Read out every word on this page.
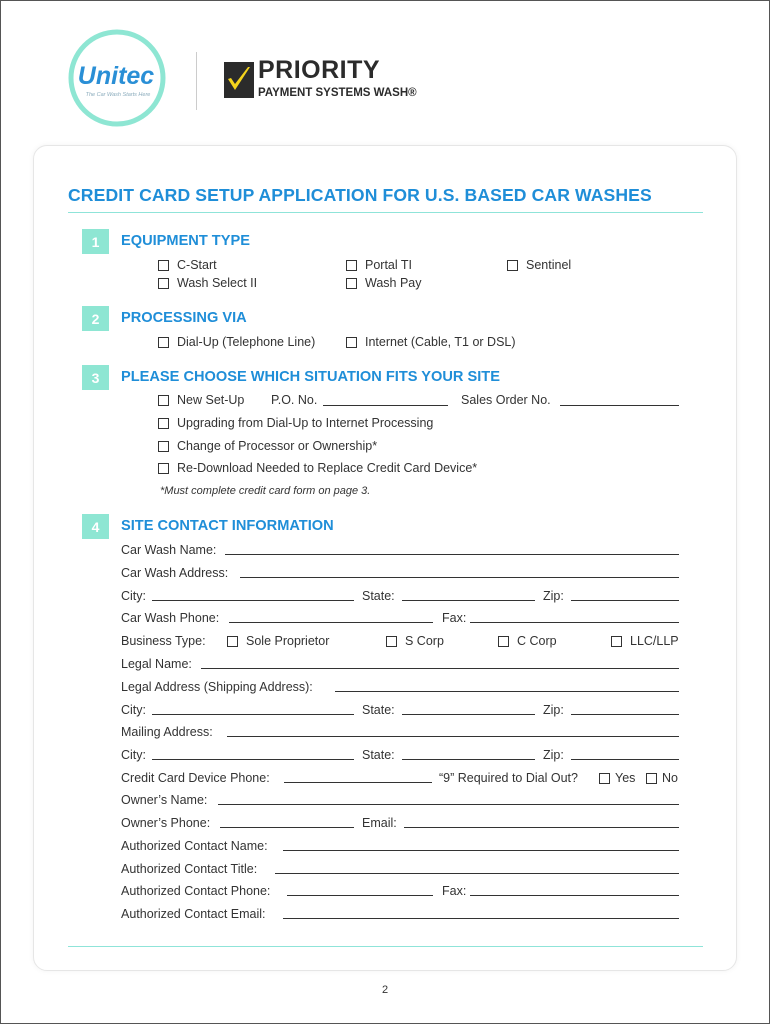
Unitec
The Car Wash Starts Here
PRIORITY
PAYMENT SYSTEMS WASH®
CREDIT CARD SETUP APPLICATION FOR U.S. BASED CAR WASHES
1	EQUIPMENT TYPE
C-Start	Portal TI	Sentinel
Wash Select II	Wash Pay
2	PROCESSING VIA
Dial-Up (Telephone Line)	Internet (Cable, T1 or DSL)
3	PLEASE CHOOSE WHICH SITUATION FITS YOUR SITE
New Set-Up P.O. No.	Sales Order No.
Upgrading from Dial-Up to Internet Processing
Change of Processor or Ownership*
Re-Download Needed to Replace Credit Card Device*
*Must complete credit card form on page 3.
4	SITE CONTACT INFORMATION
Car Wash Name:
Car Wash Address:
City:	State:	Zip:
Car Wash Phone:	Fax:
Business Type:	Sole Proprietor	S Corp	C Corp	LLC/LLP
Legal Name:
Legal Address (Shipping Address):
City:	State:	Zip:
Mailing Address:
City:	State:	Zip:
Credit Card Device Phone:	“9” Required to Dial Out?	Yes No
Owner’s Name:
Owner’s Phone:	Email:
Authorized Contact Name:
Authorized Contact Title:
Authorized Contact Phone:	Fax:
Authorized Contact Email:
2
